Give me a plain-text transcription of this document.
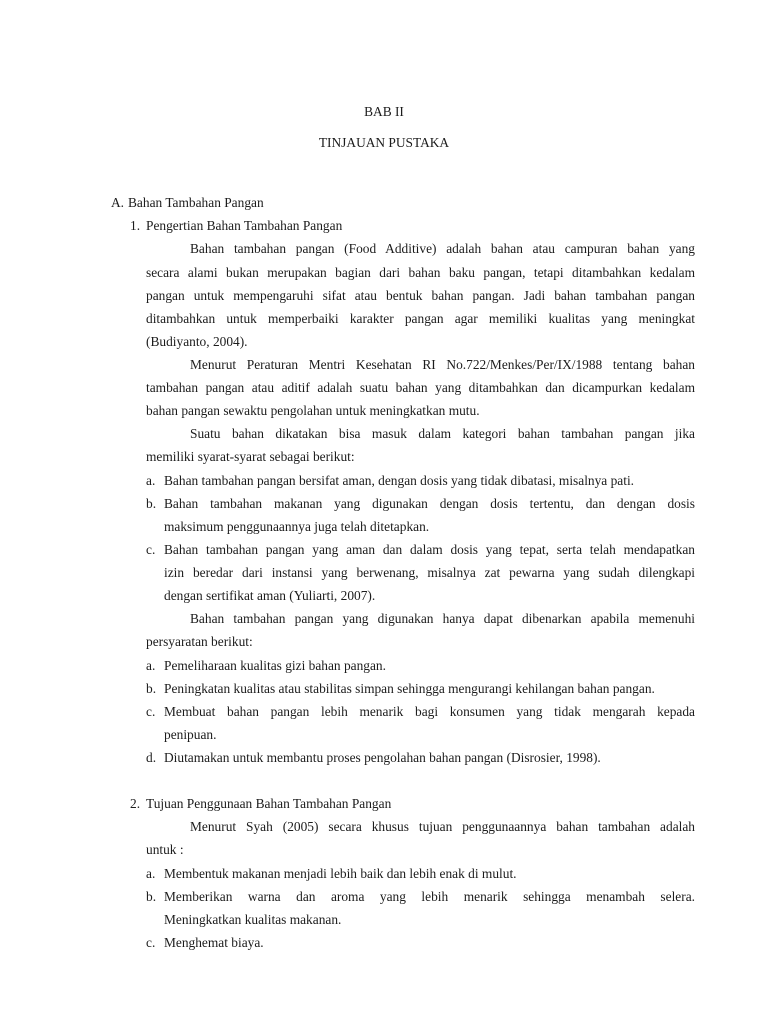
BAB II
TINJAUAN PUSTAKA
A. Bahan Tambahan Pangan
1. Pengertian Bahan Tambahan Pangan
Bahan tambahan pangan (Food Additive) adalah bahan atau campuran bahan yang
secara alami bukan merupakan bagian dari bahan baku pangan, tetapi ditambahkan kedalam
pangan untuk mempengaruhi sifat atau bentuk bahan pangan. Jadi bahan tambahan pangan
ditambahkan untuk memperbaiki karakter pangan agar memiliki kualitas yang meningkat
(Budiyanto, 2004).
Menurut Peraturan Mentri Kesehatan RI No.722/Menkes/Per/IX/1988 tentang bahan
tambahan pangan atau aditif adalah suatu bahan yang ditambahkan dan dicampurkan kedalam
bahan pangan sewaktu pengolahan untuk meningkatkan mutu.
Suatu bahan dikatakan bisa masuk dalam kategori bahan tambahan pangan jika
memiliki syarat-syarat sebagai berikut:
a. Bahan tambahan pangan bersifat aman, dengan dosis yang tidak dibatasi, misalnya pati.
b. Bahan tambahan makanan yang digunakan dengan dosis tertentu, dan dengan dosis
maksimum penggunaannya juga telah ditetapkan.
c. Bahan tambahan pangan yang aman dan dalam dosis yang tepat, serta telah mendapatkan
izin beredar dari instansi yang berwenang, misalnya zat pewarna yang sudah dilengkapi
dengan sertifikat aman (Yuliarti, 2007).
Bahan tambahan pangan yang digunakan hanya dapat dibenarkan apabila memenuhi
persyaratan berikut:
a. Pemeliharaan kualitas gizi bahan pangan.
b. Peningkatan kualitas atau stabilitas simpan sehingga mengurangi kehilangan bahan pangan.
c. Membuat bahan pangan lebih menarik bagi konsumen yang tidak mengarah kepada
penipuan.
d. Diutamakan untuk membantu proses pengolahan bahan pangan (Disrosier, 1998).
2. Tujuan Penggunaan Bahan Tambahan Pangan
Menurut Syah (2005) secara khusus tujuan penggunaannya bahan tambahan adalah
untuk :
a. Membentuk makanan menjadi lebih baik dan lebih enak di mulut.
b. Memberikan warna dan aroma yang lebih menarik sehingga menambah selera.
Meningkatkan kualitas makanan.
c. Menghemat biaya.
